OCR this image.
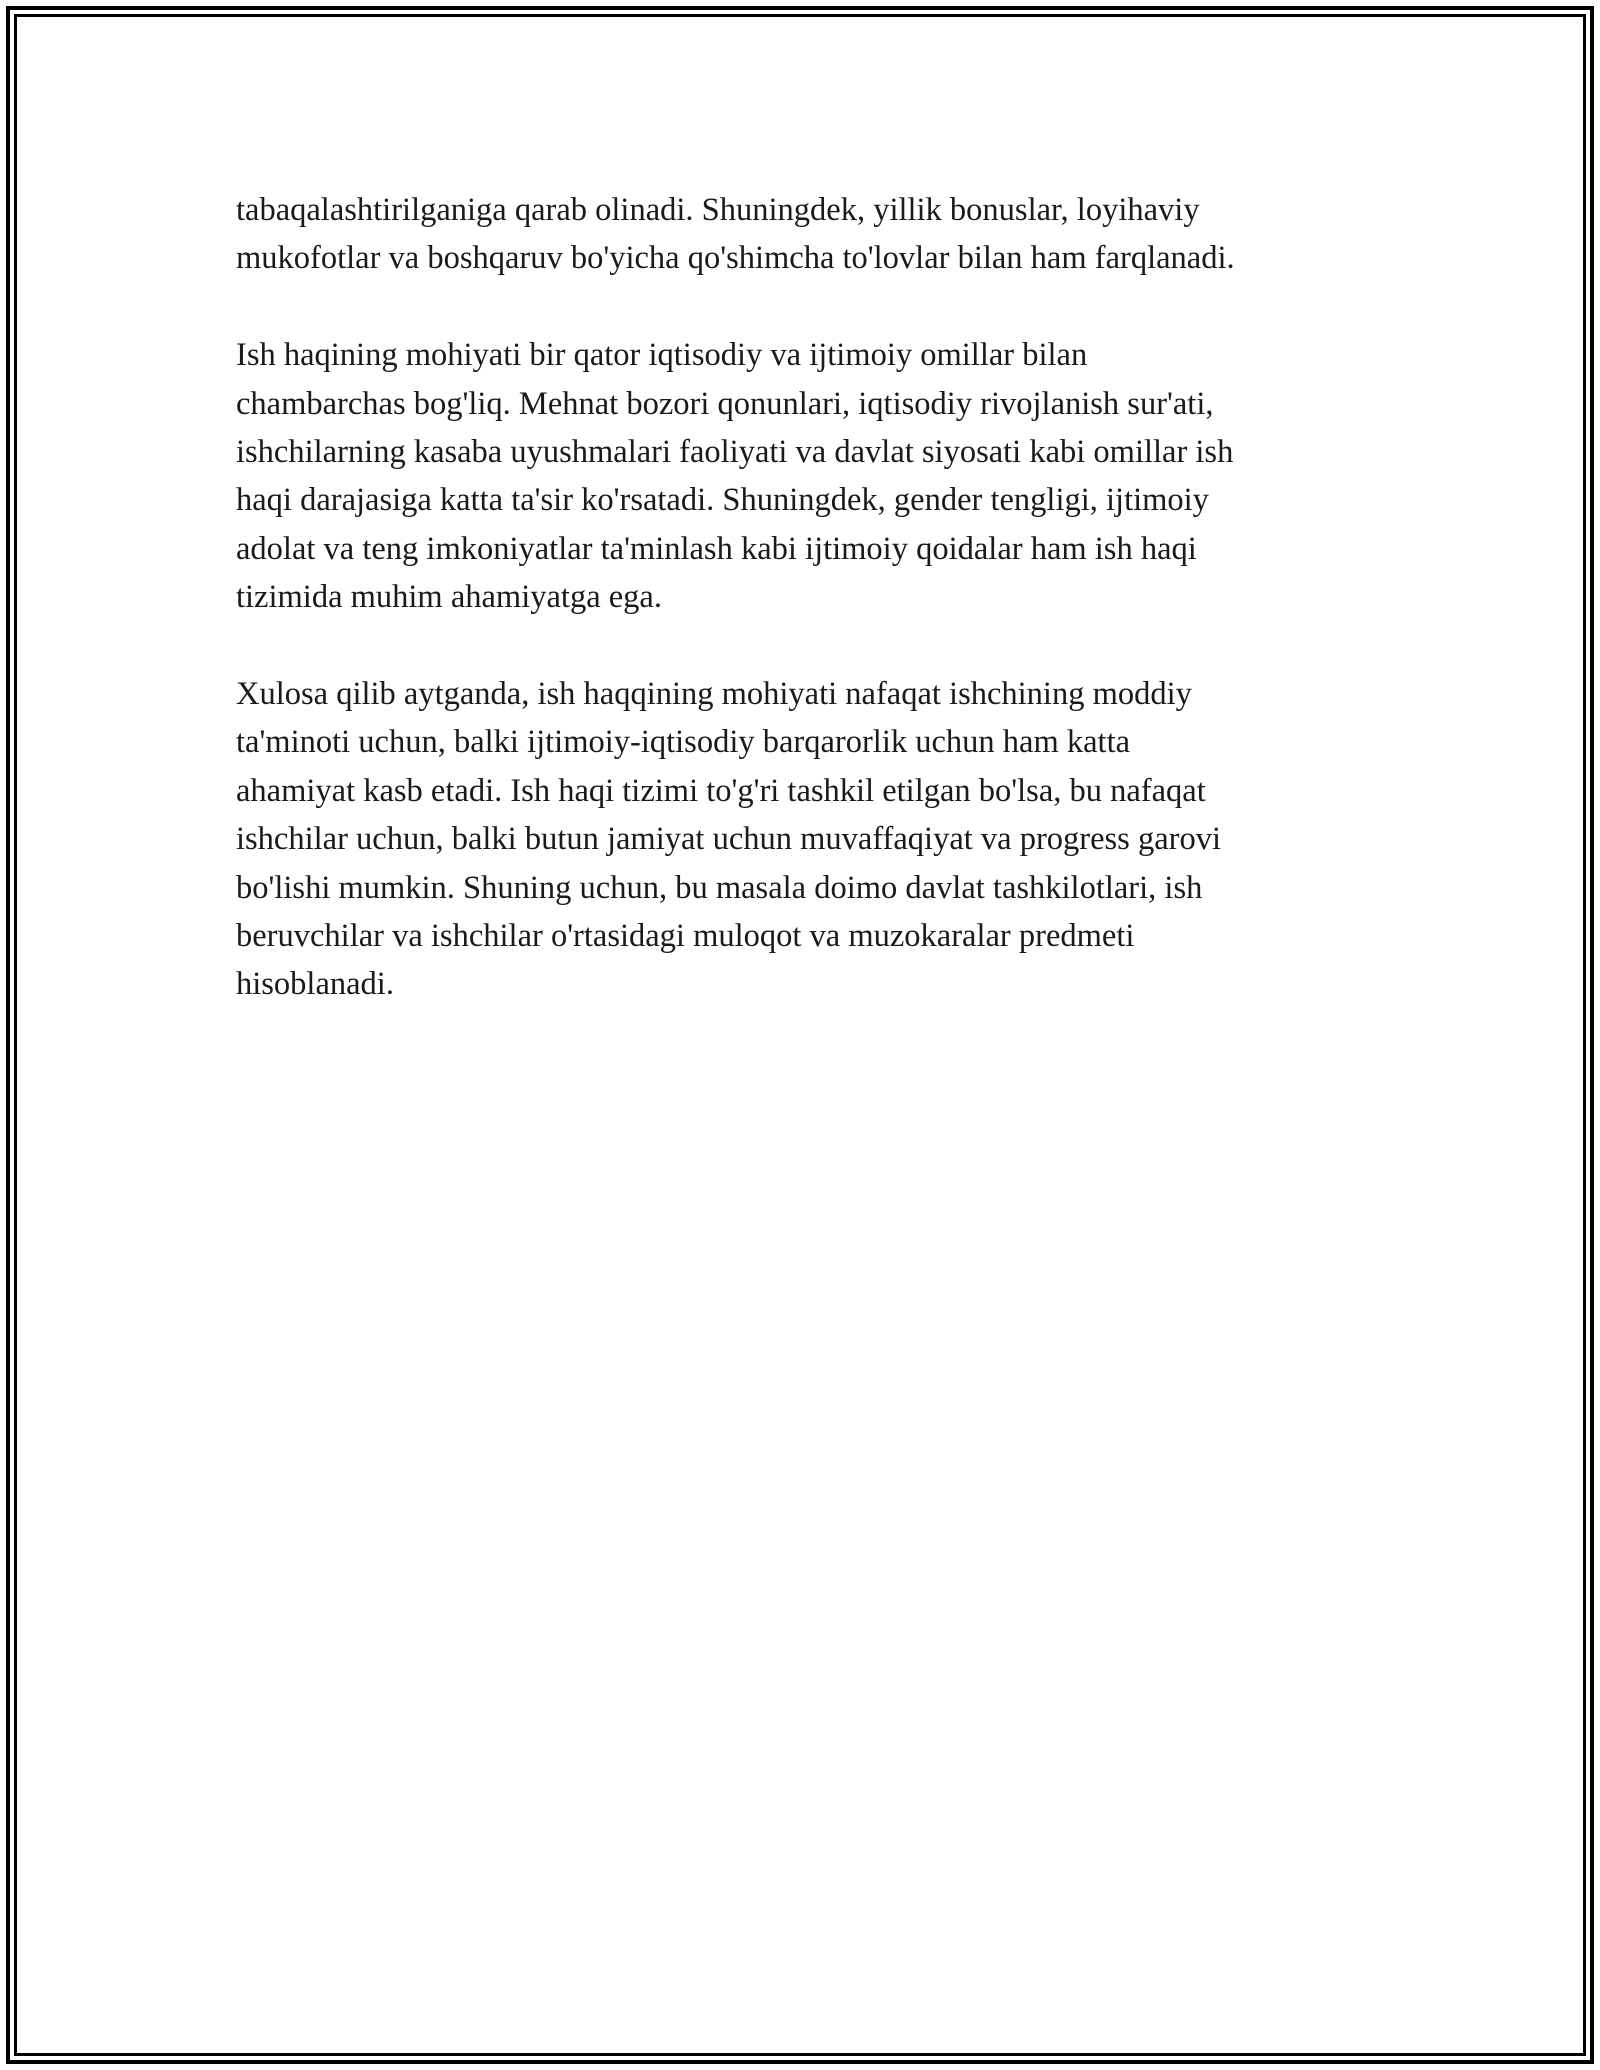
tabaqalashtirilganiga qarab olinadi. Shuningdek, yillik bonuslar, loyihaviy
mukofotlar va boshqaruv bo'yicha qo'shimcha to'lovlar bilan ham farqlanadi.

Ish haqining mohiyati bir qator iqtisodiy va ijtimoiy omillar bilan
chambarchas bog'liq. Mehnat bozori qonunlari, iqtisodiy rivojlanish sur'ati,
ishchilarning kasaba uyushmalari faoliyati va davlat siyosati kabi omillar ish
haqi darajasiga katta ta'sir ko'rsatadi. Shuningdek, gender tengligi, ijtimoiy
adolat va teng imkoniyatlar ta'minlash kabi ijtimoiy qoidalar ham ish haqi
tizimida muhim ahamiyatga ega.

Xulosa qilib aytganda, ish haqqining mohiyati nafaqat ishchining moddiy
ta'minoti uchun, balki ijtimoiy-iqtisodiy barqarorlik uchun ham katta
ahamiyat kasb etadi. Ish haqi tizimi to'g'ri tashkil etilgan bo'lsa, bu nafaqat
ishchilar uchun, balki butun jamiyat uchun muvaffaqiyat va progress garovi
bo'lishi mumkin. Shuning uchun, bu masala doimo davlat tashkilotlari, ish
beruvchilar va ishchilar o'rtasidagi muloqot va muzokaralar predmeti
hisoblanadi.
